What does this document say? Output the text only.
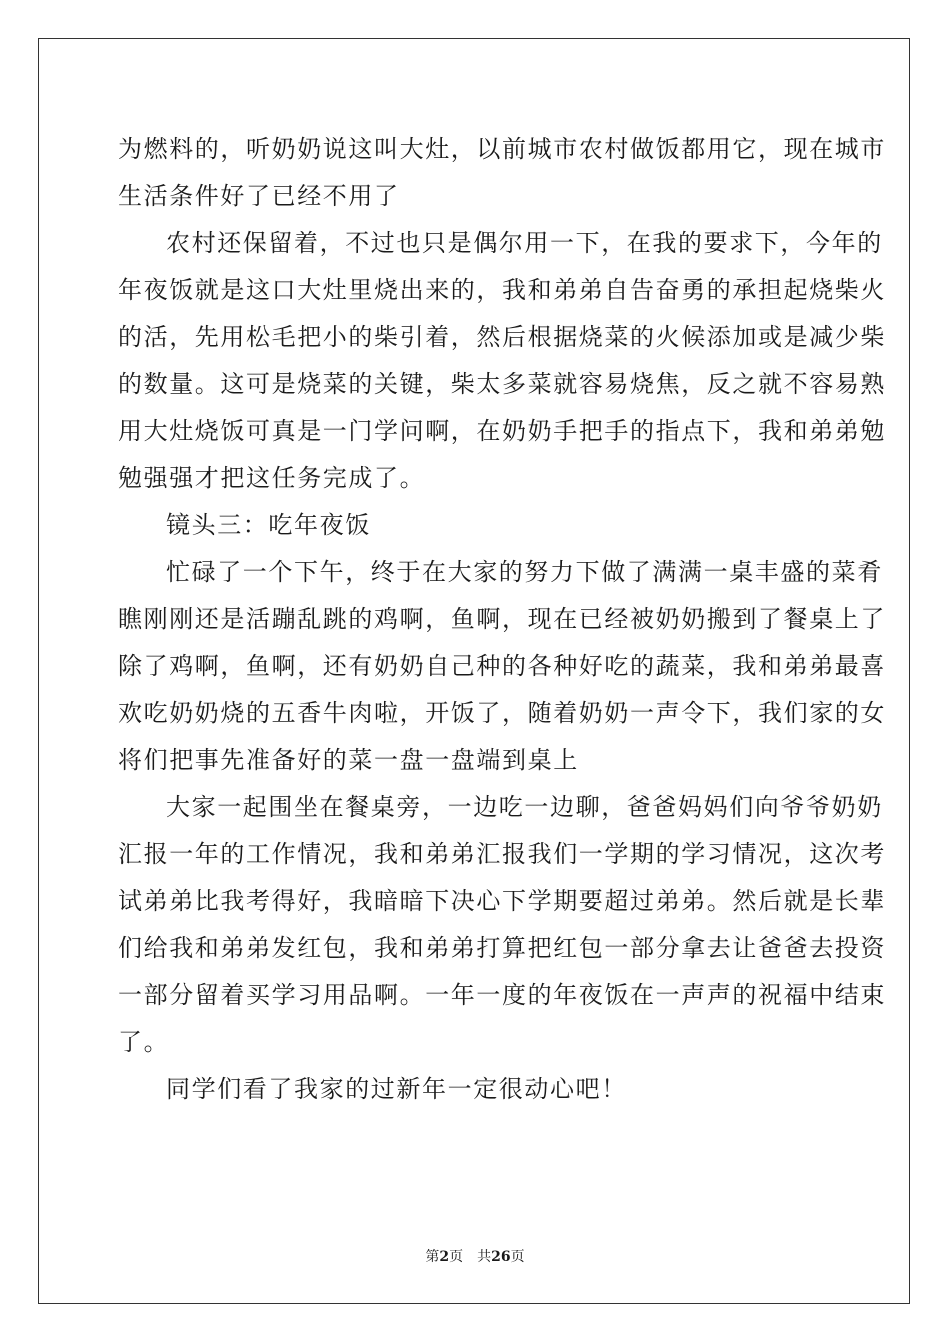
为燃料的，听奶奶说这叫大灶，以前城市农村做饭都用它，现在城市
生活条件好了已经不用了
农村还保留着，不过也只是偶尔用一下，在我的要求下，今年的
年夜饭就是这口大灶里烧出来的，我和弟弟自告奋勇的承担起烧柴火
的活，先用松毛把小的柴引着，然后根据烧菜的火候添加或是减少柴
的数量。这可是烧菜的关键，柴太多菜就容易烧焦，反之就不容易熟
用大灶烧饭可真是一门学问啊，在奶奶手把手的指点下，我和弟弟勉
勉强强才把这任务完成了。
镜头三：吃年夜饭
忙碌了一个下午，终于在大家的努力下做了满满一桌丰盛的菜肴
瞧刚刚还是活蹦乱跳的鸡啊，鱼啊，现在已经被奶奶搬到了餐桌上了
除了鸡啊，鱼啊，还有奶奶自己种的各种好吃的蔬菜，我和弟弟最喜
欢吃奶奶烧的五香牛肉啦，开饭了，随着奶奶一声令下，我们家的女
将们把事先准备好的菜一盘一盘端到桌上
大家一起围坐在餐桌旁，一边吃一边聊，爸爸妈妈们向爷爷奶奶
汇报一年的工作情况，我和弟弟汇报我们一学期的学习情况，这次考
试弟弟比我考得好，我暗暗下决心下学期要超过弟弟。然后就是长辈
们给我和弟弟发红包，我和弟弟打算把红包一部分拿去让爸爸去投资
一部分留着买学习用品啊。一年一度的年夜饭在一声声的祝福中结束
了。
同学们看了我家的过新年一定很动心吧！
第2页 共26页
